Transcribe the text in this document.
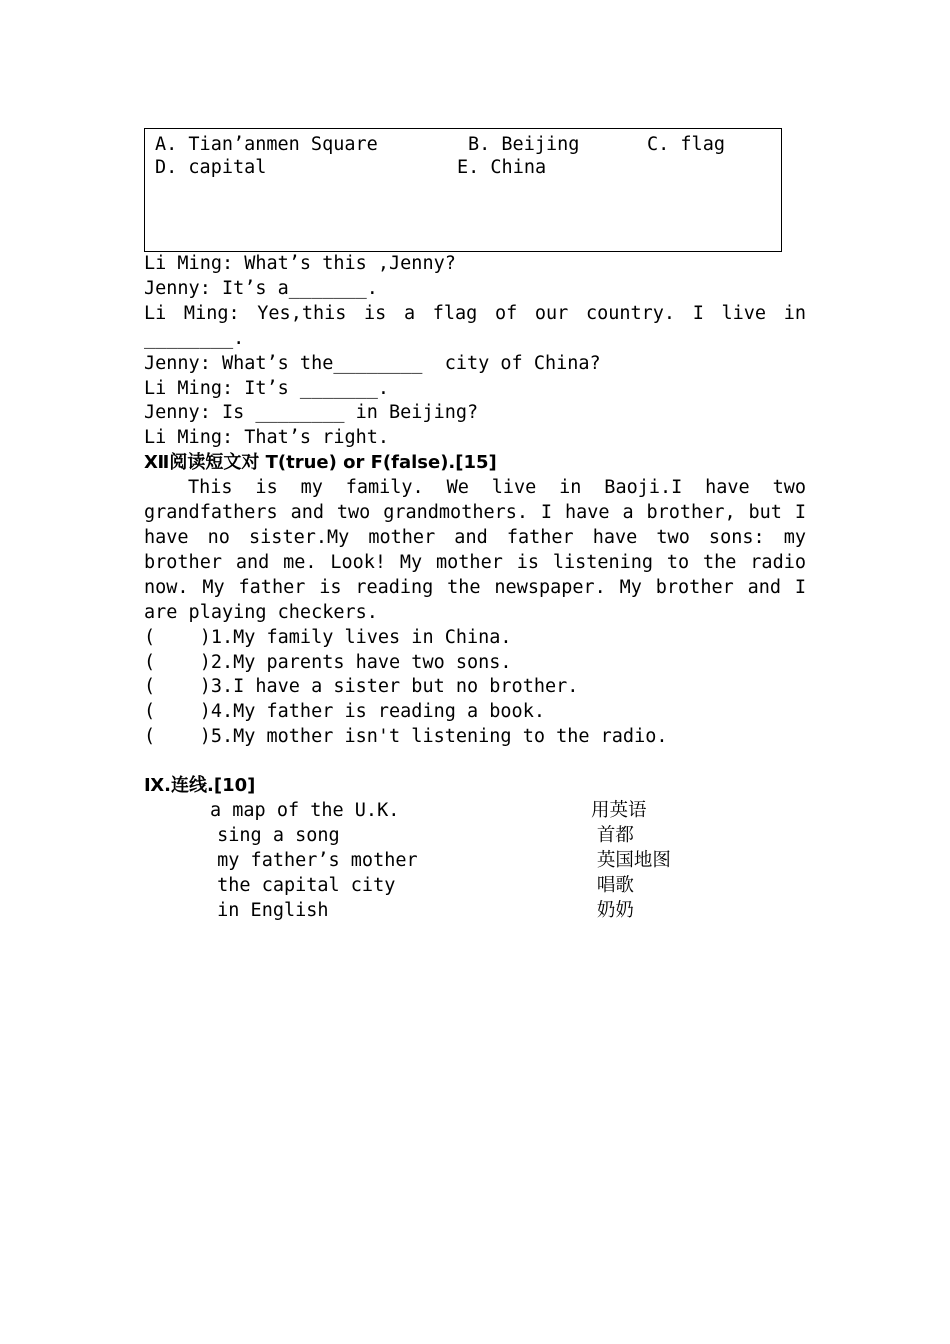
A. Tian’anmen Square

	B. Beijing

	C. flag

D. capital

	E. China

Li Ming: What’s this ,Jenny?
Jenny: It’s a_______.
Li Ming: Yes,this is a flag of our country. I live in
________.
Jenny: What’s the________  city of China?
Li Ming: It’s _______.
Jenny: Is ________ in Beijing?
Li Ming: That’s right.
Ⅻ阅读短文对 T(true) or F(false).[15]
This is my family. We live in Baoji.I have two
grandfathers and two grandmothers. I have a brother, but I
have no sister.My mother and father have two sons: my
brother and me. Look! My mother is listening to the radio
now. My father is reading the newspaper. My brother and I
are playing checkers.
(    )1.My family lives in China.
(    )2.My parents have two sons.
(    )3.I have a sister but no brother.
(    )4.My father is reading a book.
(    )5.My mother isn't listening to the radio.
Ⅸ.连线.[10]
a map of the U.K.	用英语
sing a song	首都
my father’s mother	英国地图
the capital city	唱歌
in English	奶奶
